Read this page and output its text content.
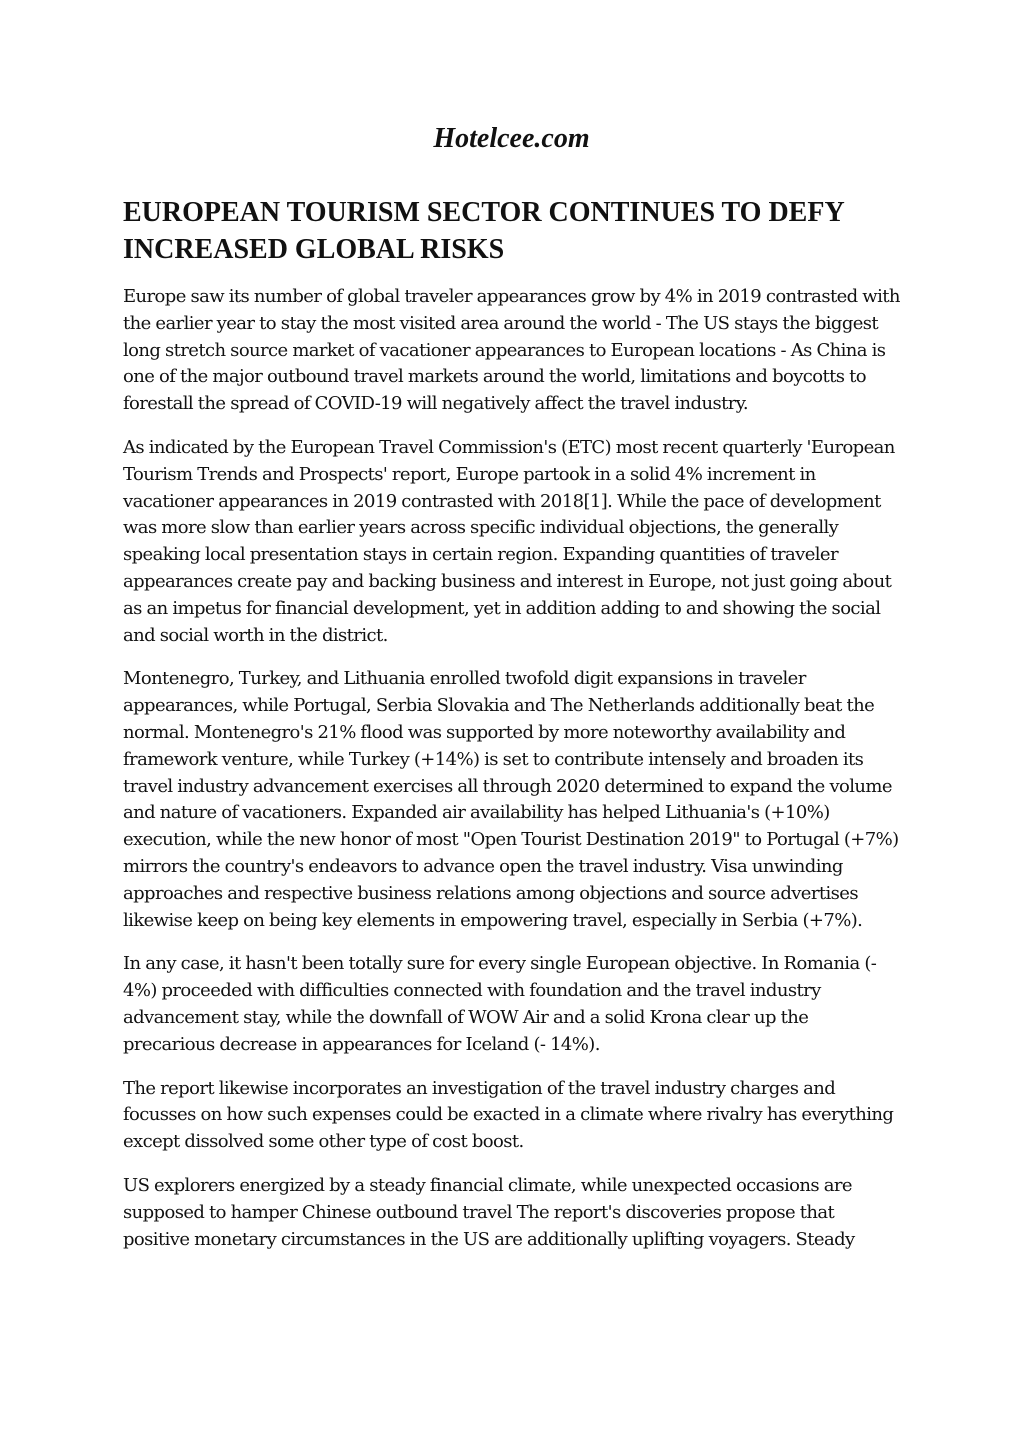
Hotelcee.com
EUROPEAN TOURISM SECTOR CONTINUES TO DEFY INCREASED GLOBAL RISKS

Europe saw its number of global traveler appearances grow by 4% in 2019 contrasted with the earlier year to stay the most visited area around the world - The US stays the biggest long stretch source market of vacationer appearances to European locations - As China is one of the major outbound travel markets around the world, limitations and boycotts to forestall the spread of COVID-19 will negatively affect the travel industry.

As indicated by the European Travel Commission's (ETC) most recent quarterly 'European Tourism Trends and Prospects' report, Europe partook in a solid 4% increment in vacationer appearances in 2019 contrasted with 2018[1]. While the pace of development was more slow than earlier years across specific individual objections, the generally speaking local presentation stays in certain region. Expanding quantities of traveler appearances create pay and backing business and interest in Europe, not just going about as an impetus for financial development, yet in addition adding to and showing the social and social worth in the district.

Montenegro, Turkey, and Lithuania enrolled twofold digit expansions in traveler appearances, while Portugal, Serbia Slovakia and The Netherlands additionally beat the normal. Montenegro's 21% flood was supported by more noteworthy availability and framework venture, while Turkey (+14%) is set to contribute intensely and broaden its travel industry advancement exercises all through 2020 determined to expand the volume and nature of vacationers. Expanded air availability has helped Lithuania's (+10%) execution, while the new honor of most "Open Tourist Destination 2019" to Portugal (+7%) mirrors the country's endeavors to advance open the travel industry. Visa unwinding approaches and respective business relations among objections and source advertises likewise keep on being key elements in empowering travel, especially in Serbia (+7%).

In any case, it hasn't been totally sure for every single European objective. In Romania (- 4%) proceeded with difficulties connected with foundation and the travel industry advancement stay, while the downfall of WOW Air and a solid Krona clear up the precarious decrease in appearances for Iceland (- 14%).

The report likewise incorporates an investigation of the travel industry charges and focusses on how such expenses could be exacted in a climate where rivalry has everything except dissolved some other type of cost boost.

US explorers energized by a steady financial climate, while unexpected occasions are supposed to hamper Chinese outbound travel The report's discoveries propose that positive monetary circumstances in the US are additionally uplifting voyagers. Steady
